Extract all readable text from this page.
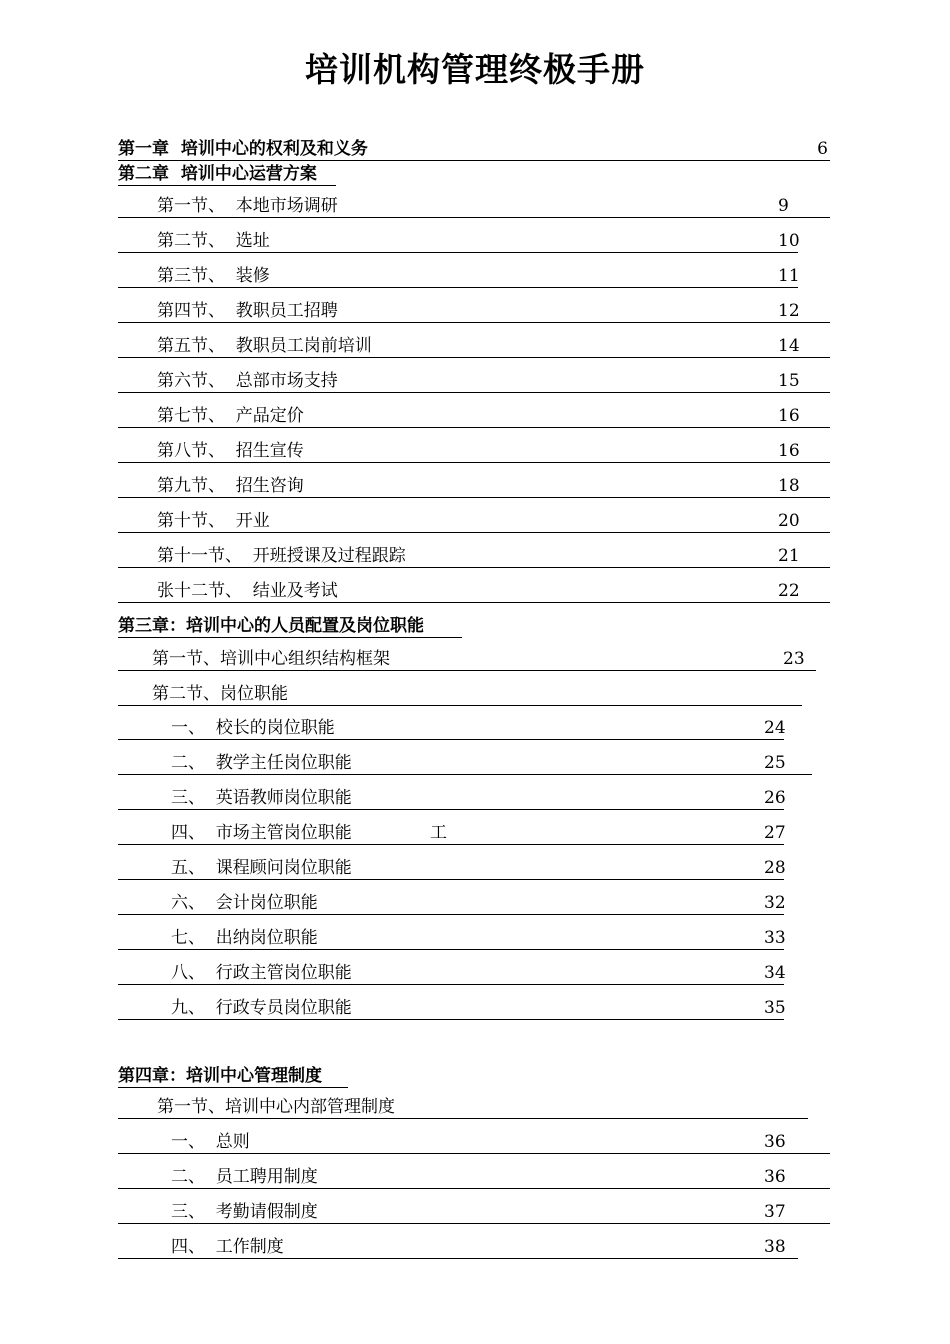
培训机构管理终极手册
第一章  培训中心的权利及和义务	6
第二章  培训中心运营方案
第一节、  本地市场调研	9
第二节、  选址	10
第三节、  装修	11
第四节、  教职员工招聘	12
第五节、  教职员工岗前培训	14
第六节、  总部市场支持	15
第七节、  产品定价	16
第八节、  招生宣传	16
第九节、  招生咨询	18
第十节、  开业	20
第十一节、  开班授课及过程跟踪	21
张十二节、  结业及考试	22
第三章：培训中心的人员配置及岗位职能
第一节、培训中心组织结构框架	23
第二节、岗位职能
一、  校长的岗位职能	24
二、  教学主任岗位职能	25
三、  英语教师岗位职能	26
四、  市场主管岗位职能	工	27
五、  课程顾问岗位职能	28
六、  会计岗位职能	32
七、  出纳岗位职能	33
八、  行政主管岗位职能	34
九、  行政专员岗位职能	35
第四章：培训中心管理制度
第一节、培训中心内部管理制度
一、  总则	36
二、  员工聘用制度	36
三、  考勤请假制度	37
四、  工作制度	38
